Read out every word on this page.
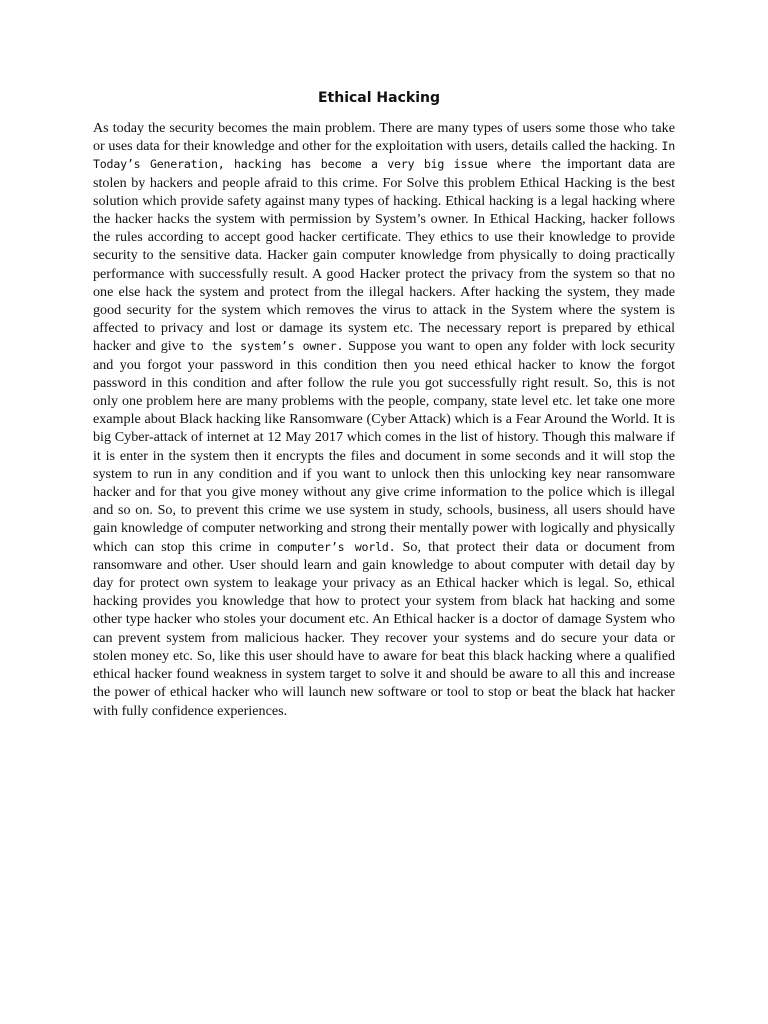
Ethical Hacking

As today the security becomes the main problem. There are many types of users some those who take or uses data for their knowledge and other for the exploitation with users, details called the hacking. In Today’s Generation, hacking has become a very big issue where the important data are stolen by hackers and people afraid to this crime. For Solve this problem Ethical Hacking is the best solution which provide safety against many types of hacking. Ethical hacking is a legal hacking where the hacker hacks the system with permission by System’s owner. In Ethical Hacking, hacker follows the rules according to accept good hacker certificate. They ethics to use their knowledge to provide security to the sensitive data. Hacker gain computer knowledge from physically to doing practically performance with successfully result. A good Hacker protect the privacy from the system so that no one else hack the system and protect from the illegal hackers. After hacking the system, they made good security for the system which removes the virus to attack in the System where the system is affected to privacy and lost or damage its system etc. The necessary report is prepared by ethical hacker and give to the system’s owner. Suppose you want to open any folder with lock security and you forgot your password in this condition then you need ethical hacker to know the forgot password in this condition and after follow the rule you got successfully right result. So, this is not only one problem here are many problems with the people, company, state level etc. let take one more example about Black hacking like Ransomware (Cyber Attack) which is a Fear Around the World. It is big Cyber-attack of internet at 12 May 2017 which comes in the list of history. Though this malware if it is enter in the system then it encrypts the files and document in some seconds and it will stop the system to run in any condition and if you want to unlock then this unlocking key near ransomware hacker and for that you give money without any give crime information to the police which is illegal and so on. So, to prevent this crime we use system in study, schools, business, all users should have gain knowledge of computer networking and strong their mentally power with logically and physically which can stop this crime in computer’s world. So, that protect their data or document from ransomware and other. User should learn and gain knowledge to about computer with detail day by day for protect own system to leakage your privacy as an Ethical hacker which is legal. So, ethical hacking provides you knowledge that how to protect your system from black hat hacking and some other type hacker who stoles your document etc. An Ethical hacker is a doctor of damage System who can prevent system from malicious hacker. They recover your systems and do secure your data or stolen money etc. So, like this user should have to aware for beat this black hacking where a qualified ethical hacker found weakness in system target to solve it and should be aware to all this and increase the power of ethical hacker who will launch new software or tool to stop or beat the black hat hacker with fully confidence experiences.
